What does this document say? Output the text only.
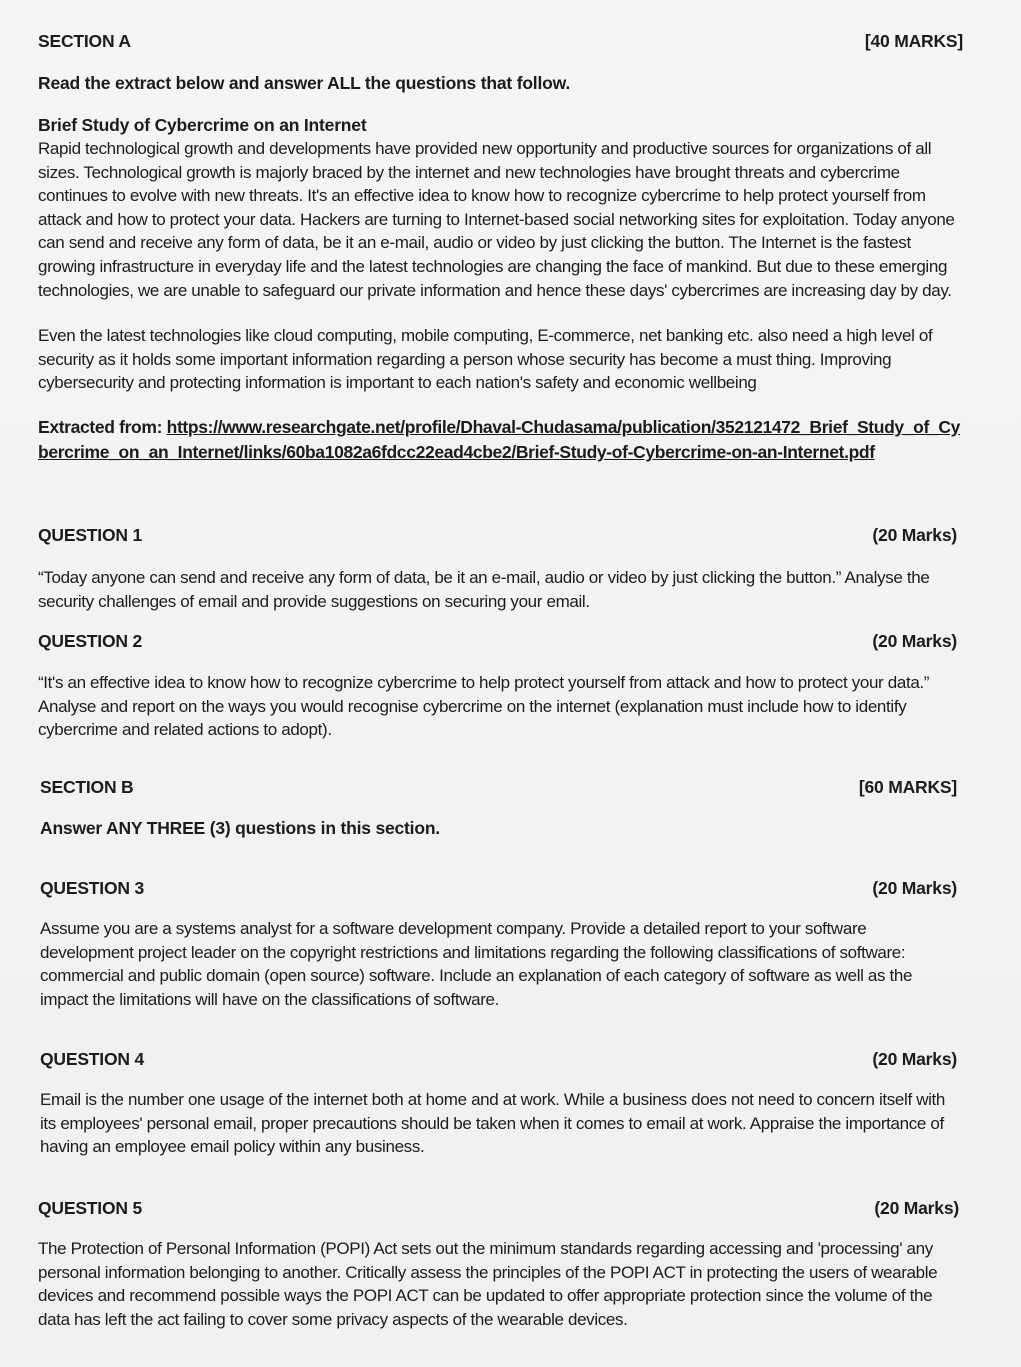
SECTION A	[40 MARKS]
Read the extract below and answer ALL the questions that follow.
Brief Study of Cybercrime on an Internet

Rapid technological growth and developments have provided new opportunity and productive sources for organizations of all sizes. Technological growth is majorly braced by the internet and new technologies have brought threats and cybercrime continues to evolve with new threats. It's an effective idea to know how to recognize cybercrime to help protect yourself from attack and how to protect your data. Hackers are turning to Internet-based social networking sites for exploitation. Today anyone can send and receive any form of data, be it an e-mail, audio or video by just clicking the button. The Internet is the fastest growing infrastructure in everyday life and the latest technologies are changing the face of mankind. But due to these emerging technologies, we are unable to safeguard our private information and hence these days' cybercrimes are increasing day by day.

Even the latest technologies like cloud computing, mobile computing, E-commerce, net banking etc. also need a high level of security as it holds some important information regarding a person whose security has become a must thing. Improving cybersecurity and protecting information is important to each nation's safety and economic wellbeing

Extracted from: https://www.researchgate.net/profile/Dhaval-Chudasama/publication/352121472_Brief_Study_of_Cybercrime_on_an_Internet/links/60ba1082a6fdcc22ead4cbe2/Brief-Study-of-Cybercrime-on-an-Internet.pdf
QUESTION 1	(20 Marks)

“Today anyone can send and receive any form of data, be it an e-mail, audio or video by just clicking the button.” Analyse the security challenges of email and provide suggestions on securing your email.

QUESTION 2	(20 Marks)

“It's an effective idea to know how to recognize cybercrime to help protect yourself from attack and how to protect your data.” Analyse and report on the ways you would recognise cybercrime on the internet (explanation must include how to identify cybercrime and related actions to adopt).

SECTION B	[60 MARKS]
Answer ANY THREE (3) questions in this section.
QUESTION 3	(20 Marks)

Assume you are a systems analyst for a software development company. Provide a detailed report to your software development project leader on the copyright restrictions and limitations regarding the following classifications of software: commercial and public domain (open source) software. Include an explanation of each category of software as well as the impact the limitations will have on the classifications of software.

QUESTION 4	(20 Marks)

Email is the number one usage of the internet both at home and at work. While a business does not need to concern itself with its employees' personal email, proper precautions should be taken when it comes to email at work. Appraise the importance of having an employee email policy within any business.

QUESTION 5	(20 Marks)

The Protection of Personal Information (POPI) Act sets out the minimum standards regarding accessing and 'processing' any personal information belonging to another. Critically assess the principles of the POPI ACT in protecting the users of wearable devices and recommend possible ways the POPI ACT can be updated to offer appropriate protection since the volume of the data has left the act failing to cover some privacy aspects of the wearable devices.
